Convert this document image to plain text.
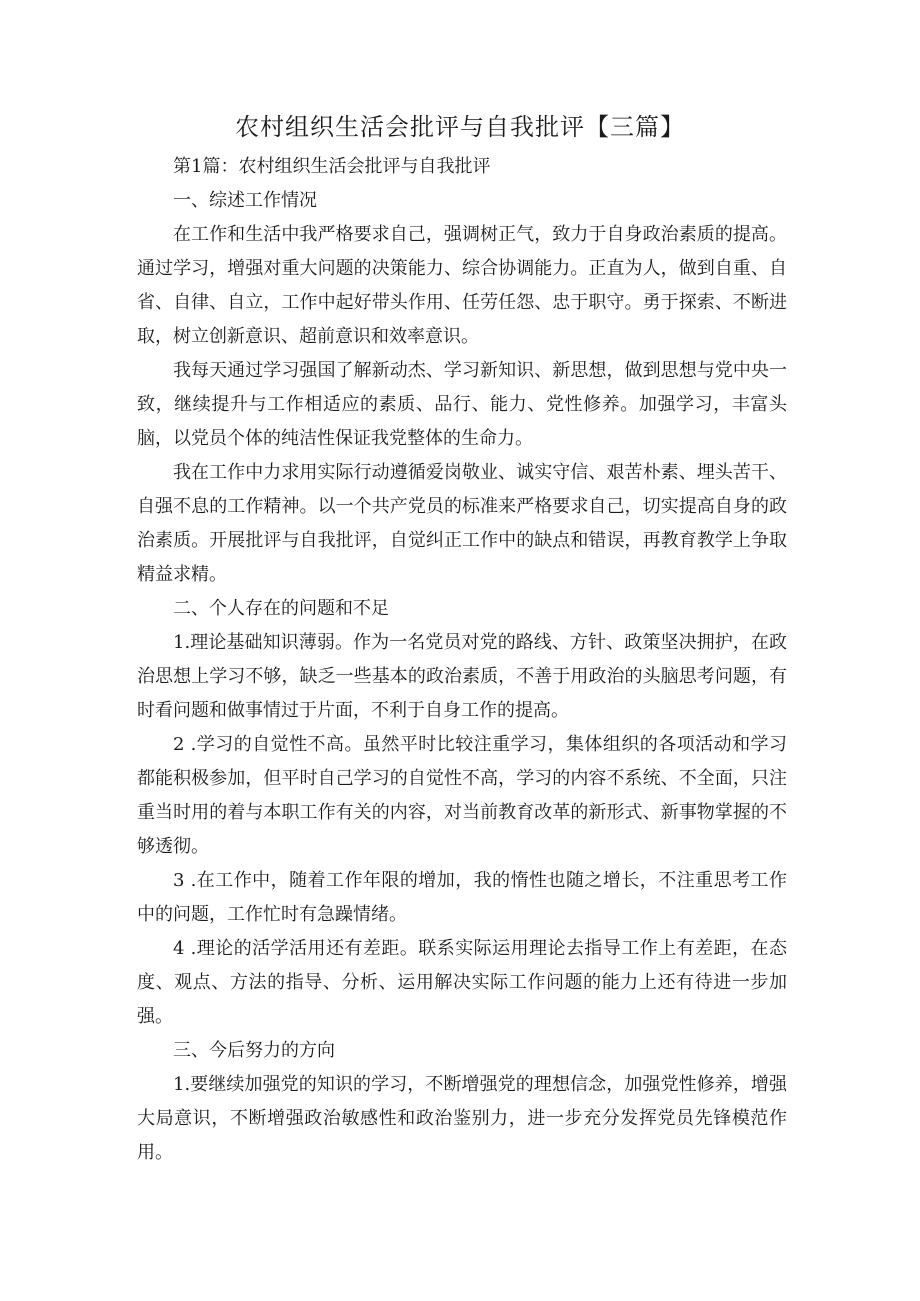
农村组织生活会批评与自我批评【三篇】

第1篇：农村组织生活会批评与自我批评

一、综述工作情况

在工作和生活中我严格要求自己，强调树正气，致力于自身政治素质的提高。通过学习，增强对重大问题的决策能力、综合协调能力。正直为人，做到自重、自省、自律、自立，工作中起好带头作用、任劳任怨、忠于职守。勇于探索、不断进取，树立创新意识、超前意识和效率意识。

我每天通过学习强国了解新动杰、学习新知识、新思想，做到思想与党中央一致，继续提升与工作相适应的素质、品行、能力、党性修养。加强学习，丰富头脑，以党员个体的纯洁性保证我党整体的生命力。

我在工作中力求用实际行动遵循爱岗敬业、诚实守信、艰苦朴素、埋头苦干、自强不息的工作精神。以一个共产党员的标准来严格要求自己，切实提高自身的政治素质。开展批评与自我批评，自觉纠正工作中的缺点和错误，再教育教学上争取精益求精。

二、个人存在的问题和不足

1.理论基础知识薄弱。作为一名党员对党的路线、方针、政策坚决拥护，在政治思想上学习不够，缺乏一些基本的政治素质，不善于用政治的头脑思考问题，有时看问题和做事情过于片面，不利于自身工作的提高。

2 .学习的自觉性不高。虽然平时比较注重学习，集体组织的各项活动和学习都能积极参加，但平时自己学习的自觉性不高，学习的内容不系统、不全面，只注重当时用的着与本职工作有关的内容，对当前教育改革的新形式、新事物掌握的不够透彻。

3 .在工作中，随着工作年限的增加，我的惰性也随之增长，不注重思考工作中的问题，工作忙时有急躁情绪。

4 .理论的活学活用还有差距。联系实际运用理论去指导工作上有差距，在态度、观点、方法的指导、分析、运用解决实际工作问题的能力上还有待进一步加强。

三、今后努力的方向

1.要继续加强党的知识的学习，不断增强党的理想信念，加强党性修养，增强大局意识，不断增强政治敏感性和政治鉴别力，进一步充分发挥党员先锋模范作用。
